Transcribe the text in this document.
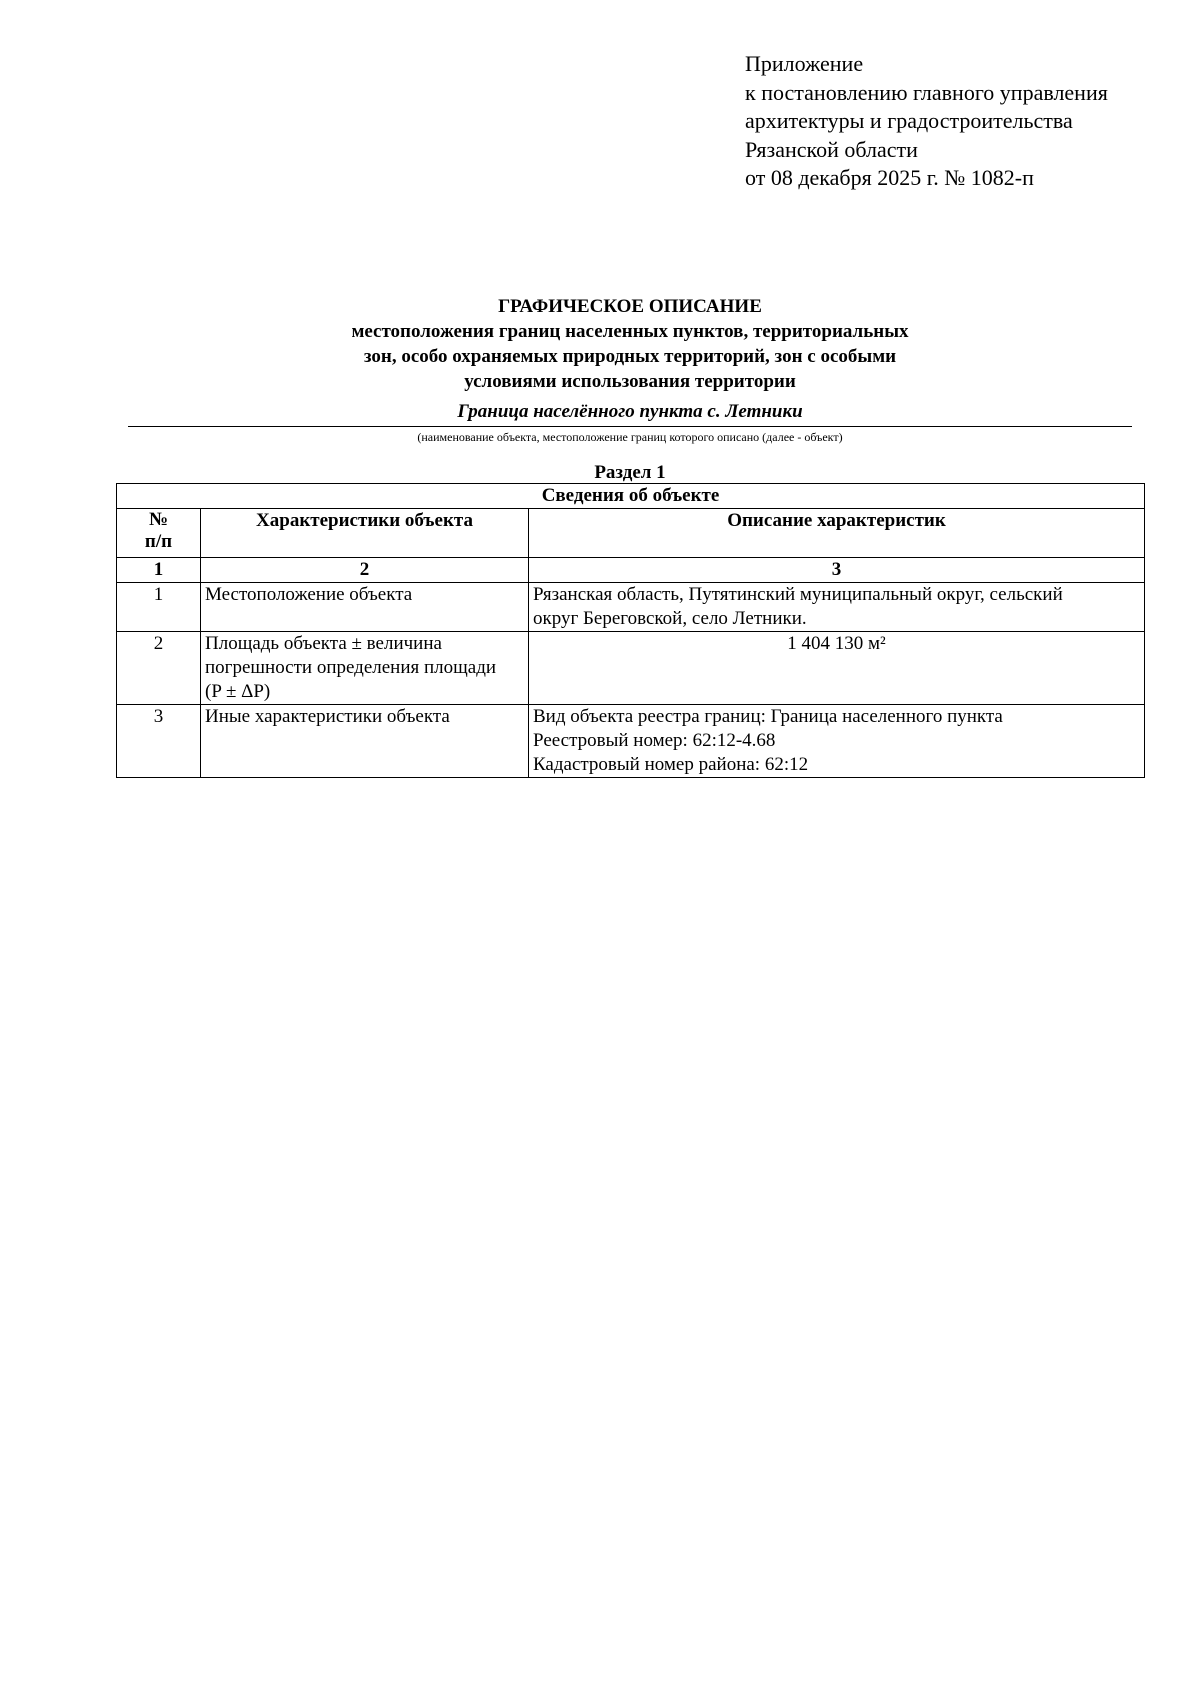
Приложение
к постановлению главного управления
архитектуры и градостроительства
Рязанской области
от 08 декабря 2025 г. № 1082-п
ГРАФИЧЕСКОЕ ОПИСАНИЕ
местоположения границ населенных пунктов, территориальных
зон, особо охраняемых природных территорий, зон с особыми
условиями использования территории
Граница населённого пункта с. Летники
(наименование объекта, местоположение границ которого описано (далее - объект)
Раздел 1
Сведения об объекте		

№
п/п	Характеристики объекта	Описание характеристик
1	2	3
1	Местоположение объекта	Рязанская область, Путятинский муниципальный округ, сельский
округ Береговской, село Летники.

2	Площадь объекта ± величина
погрешности определения площади
(P ± ΔP)	1 404 130 м²
3	Иные характеристики объекта	Вид объекта реестра границ: Граница населенного пункта
Реестровый номер: 62:12-4.68
Кадастровый номер района: 62:12
